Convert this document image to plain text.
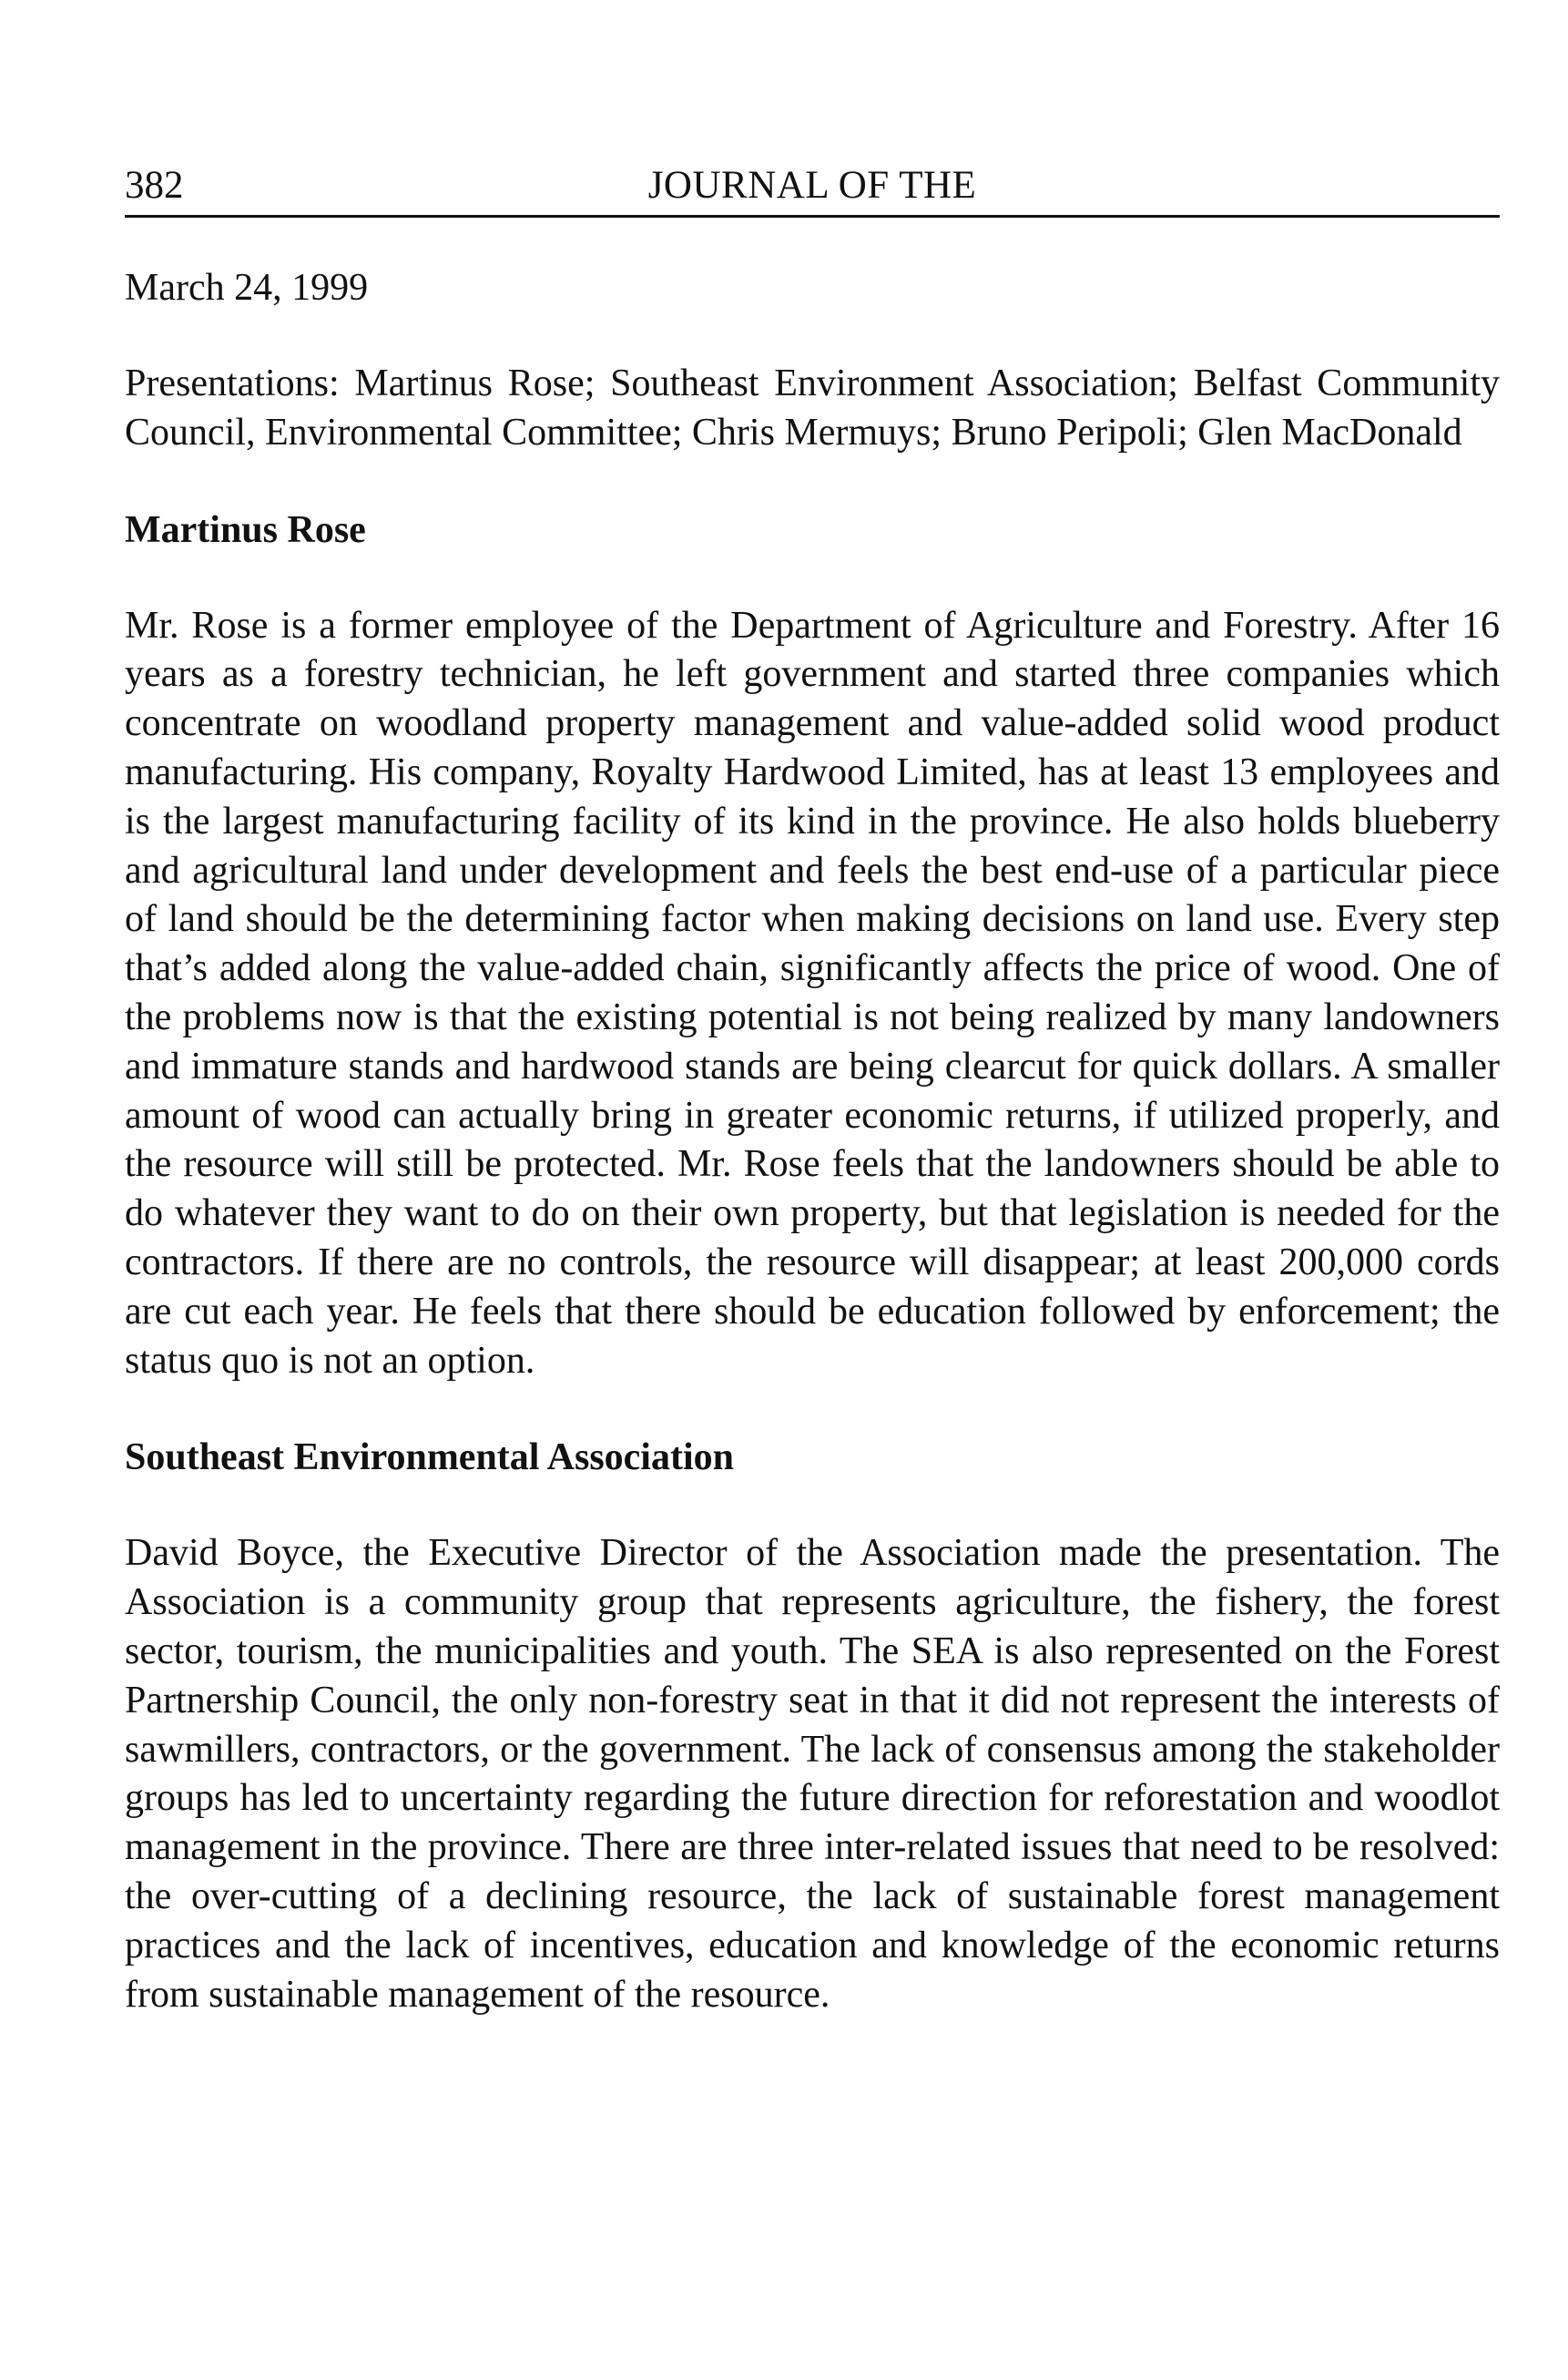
382	JOURNAL OF THE
March 24, 1999

Presentations: Martinus Rose; Southeast Environment Association; Belfast Community Council, Environmental Committee; Chris Mermuys; Bruno Peripoli; Glen MacDonald

Martinus Rose

Mr. Rose is a former employee of the Department of Agriculture and Forestry. After 16 years as a forestry technician, he left government and started three companies which concentrate on woodland property management and value-added solid wood product manufacturing. His company, Royalty Hardwood Limited, has at least 13 employees and is the largest manufacturing facility of its kind in the province. He also holds blueberry and agricultural land under development and feels the best end-use of a particular piece of land should be the determining factor when making decisions on land use. Every step that’s added along the value-added chain, significantly affects the price of wood. One of the problems now is that the existing potential is not being realized by many landowners and immature stands and hardwood stands are being clearcut for quick dollars. A smaller amount of wood can actually bring in greater economic returns, if utilized properly, and the resource will still be protected. Mr. Rose feels that the landowners should be able to do whatever they want to do on their own property, but that legislation is needed for the contractors. If there are no controls, the resource will disappear; at least 200,000 cords are cut each year. He feels that there should be education followed by enforcement; the status quo is not an option.

Southeast Environmental Association

David Boyce, the Executive Director of the Association made the presentation. The Association is a community group that represents agriculture, the fishery, the forest sector, tourism, the municipalities and youth. The SEA is also represented on the Forest Partnership Council, the only non-forestry seat in that it did not represent the interests of sawmillers, contractors, or the government. The lack of consensus among the stakeholder groups has led to uncertainty regarding the future direction for reforestation and woodlot management in the province. There are three inter-related issues that need to be resolved: the over-cutting of a declining resource, the lack of sustainable forest management practices and the lack of incentives, education and knowledge of the economic returns from sustainable management of the resource.
